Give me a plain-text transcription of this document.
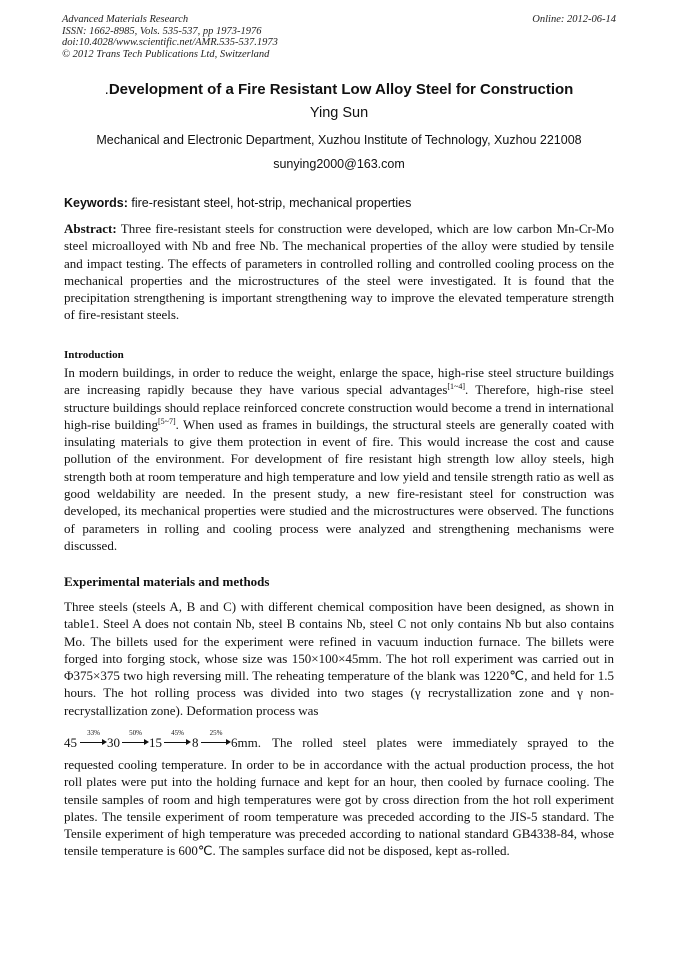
Advanced Materials Research
ISSN: 1662-8985, Vols. 535-537, pp 1973-1976
doi:10.4028/www.scientific.net/AMR.535-537.1973
© 2012 Trans Tech Publications Ltd, Switzerland
Online: 2012-06-14
.Development of a Fire Resistant Low Alloy Steel for Construction
Ying Sun
Mechanical and Electronic Department, Xuzhou Institute of Technology, Xuzhou 221008
sunying2000@163.com
Keywords: fire-resistant steel, hot-strip, mechanical properties
Abstract: Three fire-resistant steels for construction were developed, which are low carbon Mn-Cr-Mo steel microalloyed with Nb and free Nb. The mechanical properties of the alloy were studied by tensile and impact testing. The effects of parameters in controlled rolling and controlled cooling process on the mechanical properties and the microstructures of the steel were investigated. It is found that the precipitation strengthening is important strengthening way to improve the elevated temperature strength of fire-resistant steels.
Introduction
In modern buildings, in order to reduce the weight, enlarge the space, high-rise steel structure buildings are increasing rapidly because they have various special advantages[1~4]. Therefore, high-rise steel structure buildings should replace reinforced concrete construction would become a trend in international high-rise building[5~7]. When used as frames in buildings, the structural steels are generally coated with insulating materials to give them protection in event of fire. This would increase the cost and cause pollution of the environment. For development of fire resistant high strength low alloy steels, high strength both at room temperature and high temperature and low yield and tensile strength ratio as well as good weldability are needed. In the present study, a new fire-resistant steel for construction was developed, its mechanical properties were studied and the microstructures were observed. The functions of parameters in rolling and cooling process were analyzed and strengthening mechanisms were discussed.
Experimental materials and methods
Three steels (steels A, B and C) with different chemical composition have been designed, as shown in table1. Steel A does not contain Nb, steel B contains Nb, steel C not only contains Nb but also contains Mo. The billets used for the experiment were refined in vacuum induction furnace. The billets were forged into forging stock, whose size was 150×100×45mm. The hot roll experiment was carried out in Φ375×375 two high reversing mill. The reheating temperature of the blank was 1220℃, and held for 1.5 hours. The hot rolling process was divided into two stages (γ recrystallization zone and γ non-recrystallization zone). Deformation process was
45
33%
30
50%
15
45%
8
25%
6mm. The rolled steel plates were immediately sprayed to the
requested cooling temperature. In order to be in accordance with the actual production process, the hot roll plates were put into the holding furnace and kept for an hour, then cooled by furnace cooling. The tensile samples of room and high temperatures were got by cross direction from the hot roll experiment plates. The tensile experiment of room temperature was preceded according to the JIS-5 standard. The Tensile experiment of high temperature was preceded according to national standard GB4338-84, whose tensile temperature is 600℃. The samples surface did not be disposed, kept as-rolled.
